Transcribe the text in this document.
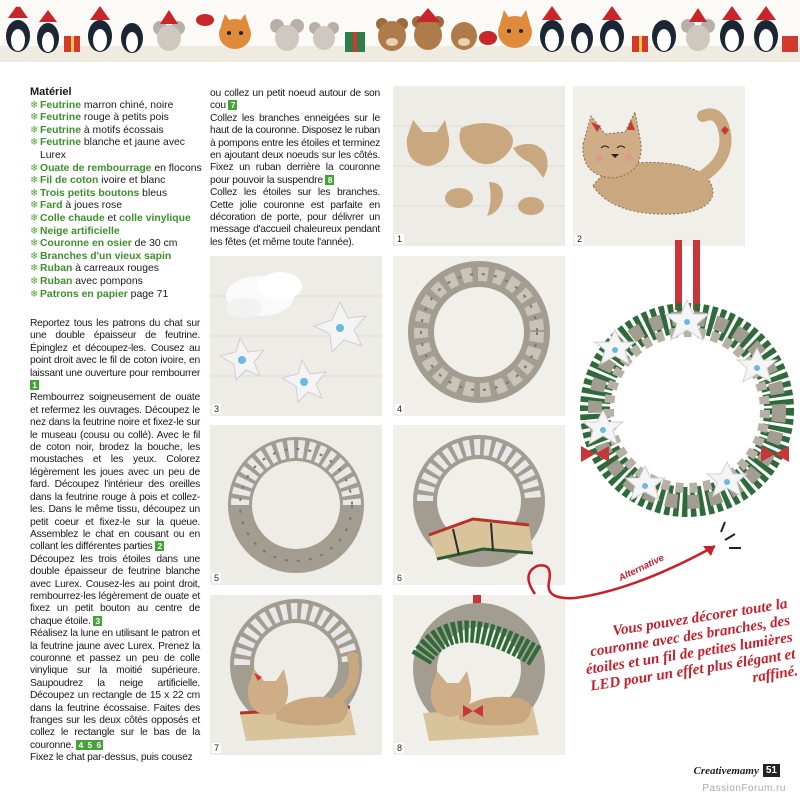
Matériel
❄ Feutrine marron chiné, noire
❄ Feutrine rouge à petits pois
❄ Feutrine à motifs écossais
❄ Feutrine blanche et jaune avec Lurex
❄ Ouate de rembourrage en flocons
❄ Fil de coton ivoire et blanc
❄ Trois petits boutons bleus
❄ Fard à joues rose
❄ Colle chaude et colle vinylique
❄ Neige artificielle
❄ Couronne en osier de 30 cm
❄ Branches d'un vieux sapin
❄ Ruban à carreaux rouges
❄ Ruban avec pompons
❄ Patrons en papier page 71
Reportez tous les patrons du chat sur une double épaisseur de feutrine. Épinglez et découpez-les. Cousez au point droit avec le fil de coton ivoire, en laissant une ouverture pour rembourrer 1
Rembourrez soigneusement de ouate et refermez les ouvrages. Découpez le nez dans la feutrine noire et fixez-le sur le museau (cousu ou collé). Avec le fil de coton noir, brodez la bouche, les moustaches et les yeux. Colorez légèrement les joues avec un peu de fard. Découpez l'intérieur des oreilles dans la feutrine rouge à pois et collez-les. Dans le même tissu, découpez un petit coeur et fixez-le sur la queue. Assemblez le chat en cousant ou en collant les différentes parties 2
Découpez les trois étoiles dans une double épaisseur de feutrine blanche avec Lurex. Cousez-les au point droit, rembourrez-les légèrement de ouate et fixez un petit bouton au centre de chaque étoile. 3
Réalisez la lune en utilisant le patron et la feutrine jaune avec Lurex. Prenez la couronne et passez un peu de colle vinylique sur la moitié supérieure. Saupoudrez la neige artificielle. Découpez un rectangle de 15 x 22 cm dans la feutrine écossaise. Faites des franges sur les deux côtés opposés et collez le rectangle sur le bas de la couronne. 4 5 6
Fixez le chat par-dessus, puis cousez
ou collez un petit noeud autour de son cou 7
Collez les branches enneigées sur le haut de la couronne. Disposez le ruban à pompons entre les étoiles et terminez en ajoutant deux noeuds sur les côtés. Fixez un ruban derrière la couronne pour pouvoir la suspendre 8
Collez les étoiles sur les branches. Cette jolie couronne est parfaite en décoration de porte, pour délivrer un message d'accueil chaleureux pendant les fêtes (et même toute l'année).	1	2
3	4
5	6
7	8
Alternative
Vous pouvez décorer toute la couronne avec des branches, des étoiles et un fil de petites lumières LED pour un effet plus élégant et raffiné.
Creativemamy 51
PassionForum.ru
